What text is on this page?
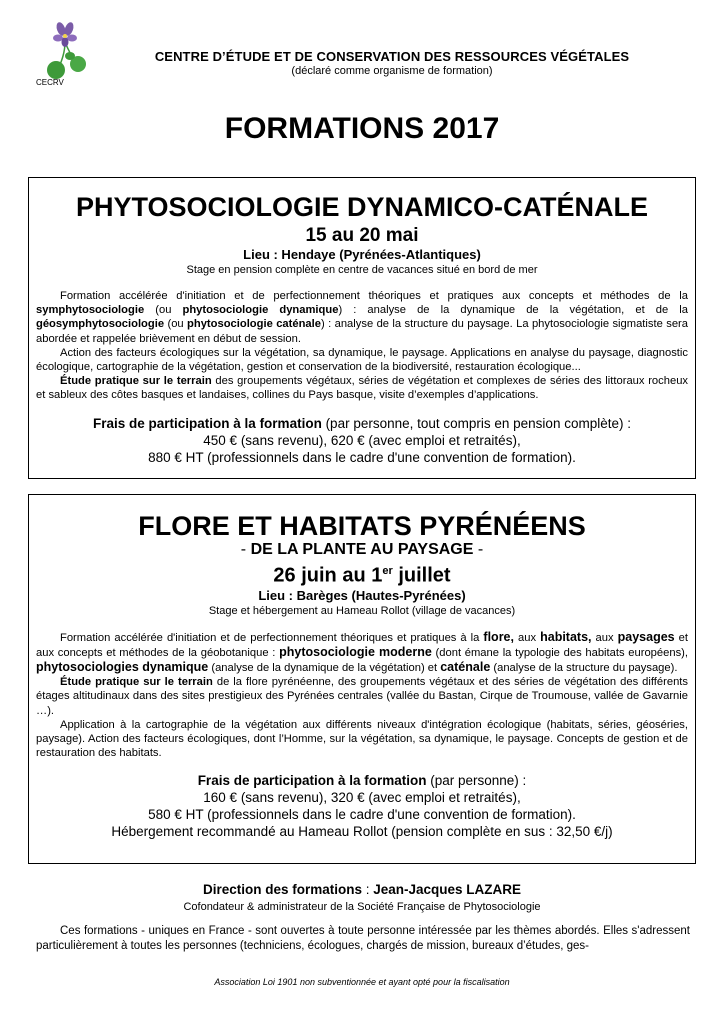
CECRV
CENTRE D’ÉTUDE ET DE CONSERVATION DES RESSOURCES VÉGÉTALES
(déclaré comme organisme de formation)
FORMATIONS 2017
PHYTOSOCIOLOGIE DYNAMICO-CATÉNALE
15 au 20 mai
Lieu : Hendaye (Pyrénées-Atlantiques)
Stage en pension complète en centre de vacances situé en bord de mer

Formation accélérée d'initiation et de perfectionnement théoriques et pratiques aux concepts et méthodes de la symphytosociologie (ou phytosociologie dynamique) : analyse de la dynamique de la végétation, et de la géosymphytosociologie (ou phytosociologie caténale) : analyse de la structure du paysage. La phytosociologie sigmatiste sera abordée et rappelée brièvement en début de session.

Action des facteurs écologiques sur la végétation, sa dynamique, le paysage. Applications en analyse du paysage, diagnostic écologique, cartographie de la végétation, gestion et conservation de la biodiversité, restauration écologique...

Étude pratique sur le terrain des groupements végétaux, séries de végétation et complexes de séries des littoraux rocheux et sableux des côtes basques et landaises, collines du Pays basque, visite d’exemples d’applications.

Frais de participation à la formation (par personne, tout compris en pension complète) :
450 € (sans revenu), 620 € (avec emploi et retraités),
880 € HT (professionnels dans le cadre d'une convention de formation).
FLORE ET HABITATS PYRÉNÉENS
- DE LA PLANTE AU PAYSAGE -
26 juin au 1er juillet
Lieu : Barèges (Hautes-Pyrénées)
Stage et hébergement au Hameau Rollot (village de vacances)

Formation accélérée d'initiation et de perfectionnement théoriques et pratiques à la flore, aux habitats, aux paysages et aux concepts et méthodes de la géobotanique : phytosociologie moderne (dont émane la typologie des habitats européens), phytosociologies dynamique (analyse de la dynamique de la végétation) et caténale (analyse de la structure du paysage).

Étude pratique sur le terrain de la flore pyrénéenne, des groupements végétaux et des séries de végétation des différents étages altitudinaux dans des sites prestigieux des Pyrénées centrales (vallée du Bastan, Cirque de Troumouse, vallée de Gavarnie …).

Application à la cartographie de la végétation aux différents niveaux d'intégration écologique (habitats, séries, géoséries, paysage). Action des facteurs écologiques, dont l’Homme, sur la végétation, sa dynamique, le paysage. Concepts de gestion et de restauration des habitats.

Frais de participation à la formation (par personne) :
160 € (sans revenu), 320 € (avec emploi et retraités),
580 € HT (professionnels dans le cadre d'une convention de formation).
Hébergement recommandé au Hameau Rollot (pension complète en sus : 32,50 €/j)
Direction des formations : Jean-Jacques LAZARE
Cofondateur & administrateur de la Société Française de Phytosociologie
Ces formations - uniques en France - sont ouvertes à toute personne intéressée par les thèmes abordés. Elles s'adressent particulièrement à toutes les personnes (techniciens, écologues, chargés de mission, bureaux d’études, ges-
Association Loi 1901 non subventionnée et ayant opté pour la fiscalisation
